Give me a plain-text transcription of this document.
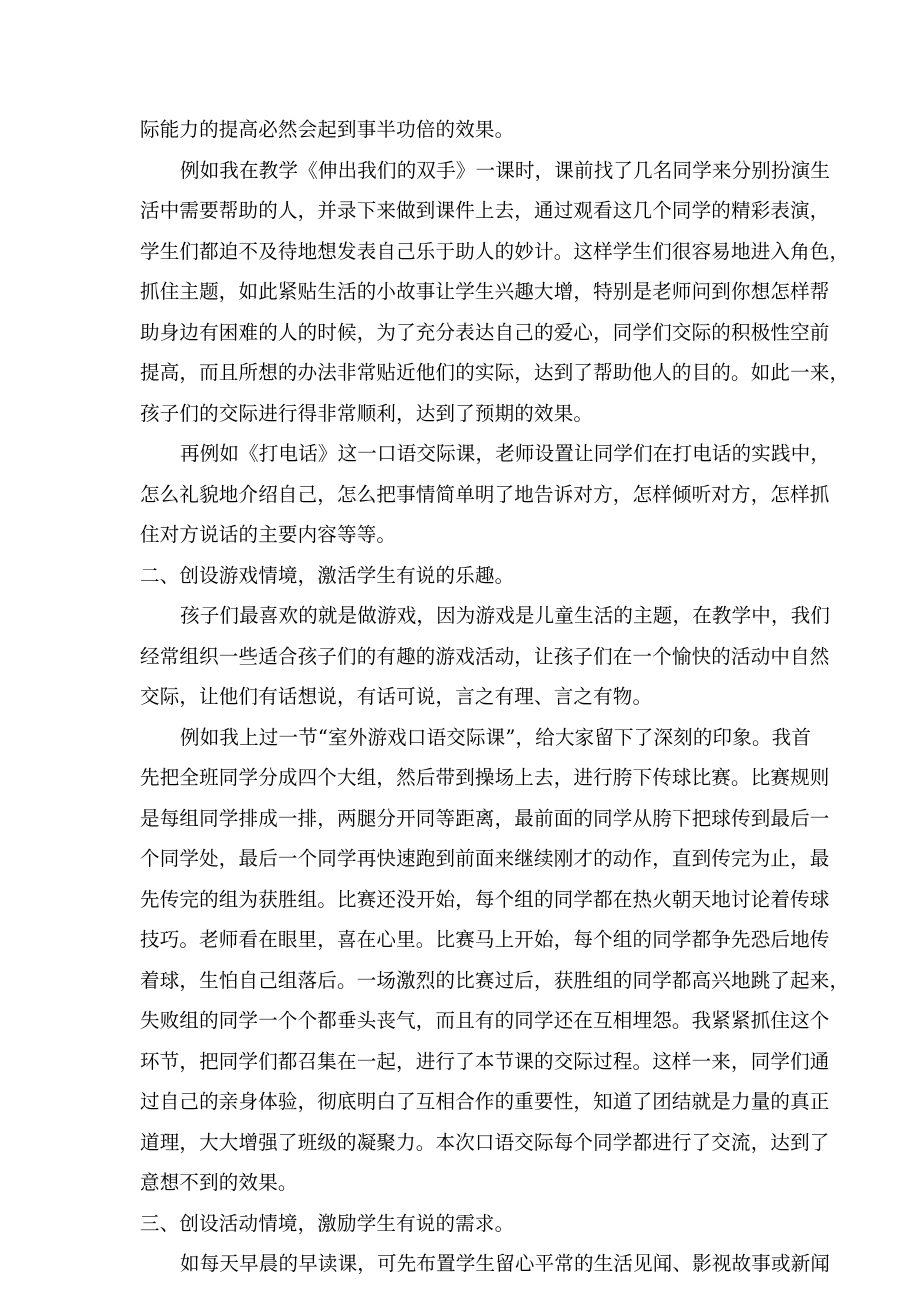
际能力的提高必然会起到事半功倍的效果。
例如我在教学《伸出我们的双手》一课时，课前找了几名同学来分别扮演生
活中需要帮助的人，并录下来做到课件上去，通过观看这几个同学的精彩表演，
学生们都迫不及待地想发表自己乐于助人的妙计。这样学生们很容易地进入角色，
抓住主题，如此紧贴生活的小故事让学生兴趣大增，特别是老师问到你想怎样帮
助身边有困难的人的时候，为了充分表达自己的爱心，同学们交际的积极性空前
提高，而且所想的办法非常贴近他们的实际，达到了帮助他人的目的。如此一来，
孩子们的交际进行得非常顺利，达到了预期的效果。
再例如《打电话》这一口语交际课，老师设置让同学们在打电话的实践中，
怎么礼貌地介绍自己，怎么把事情简单明了地告诉对方，怎样倾听对方，怎样抓
住对方说话的主要内容等等。
二、创设游戏情境，激活学生有说的乐趣。
孩子们最喜欢的就是做游戏，因为游戏是儿童生活的主题，在教学中，我们
经常组织一些适合孩子们的有趣的游戏活动，让孩子们在一个愉快的活动中自然
交际，让他们有话想说，有话可说，言之有理、言之有物。
例如我上过一节“室外游戏口语交际课”，给大家留下了深刻的印象。我首
先把全班同学分成四个大组，然后带到操场上去，进行胯下传球比赛。比赛规则
是每组同学排成一排，两腿分开同等距离，最前面的同学从胯下把球传到最后一
个同学处，最后一个同学再快速跑到前面来继续刚才的动作，直到传完为止，最
先传完的组为获胜组。比赛还没开始，每个组的同学都在热火朝天地讨论着传球
技巧。老师看在眼里，喜在心里。比赛马上开始，每个组的同学都争先恐后地传
着球，生怕自己组落后。一场激烈的比赛过后，获胜组的同学都高兴地跳了起来，
失败组的同学一个个都垂头丧气，而且有的同学还在互相埋怨。我紧紧抓住这个
环节，把同学们都召集在一起，进行了本节课的交际过程。这样一来，同学们通
过自己的亲身体验，彻底明白了互相合作的重要性，知道了团结就是力量的真正
道理，大大增强了班级的凝聚力。本次口语交际每个同学都进行了交流，达到了
意想不到的效果。
三、创设活动情境，激励学生有说的需求。
如每天早晨的早读课，可先布置学生留心平常的生活见闻、影视故事或新闻
